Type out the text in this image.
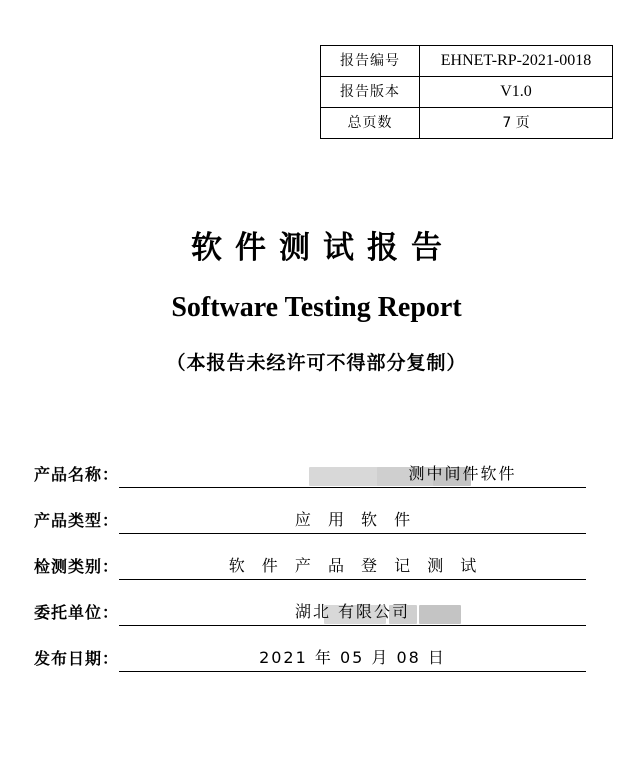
报告编号	EHNET-RP-2021-0018
报告版本	V1.0
总页数	7 页
软件测试报告
Software Testing Report
（本报告未经许可不得部分复制）
产品名称：	测中间件软件
产品类型：	应 用 软 件
检测类别：	软 件 产 品 登 记 测 试
委托单位：	湖北 有限公司
发布日期：	2021 年 05 月 08 日
